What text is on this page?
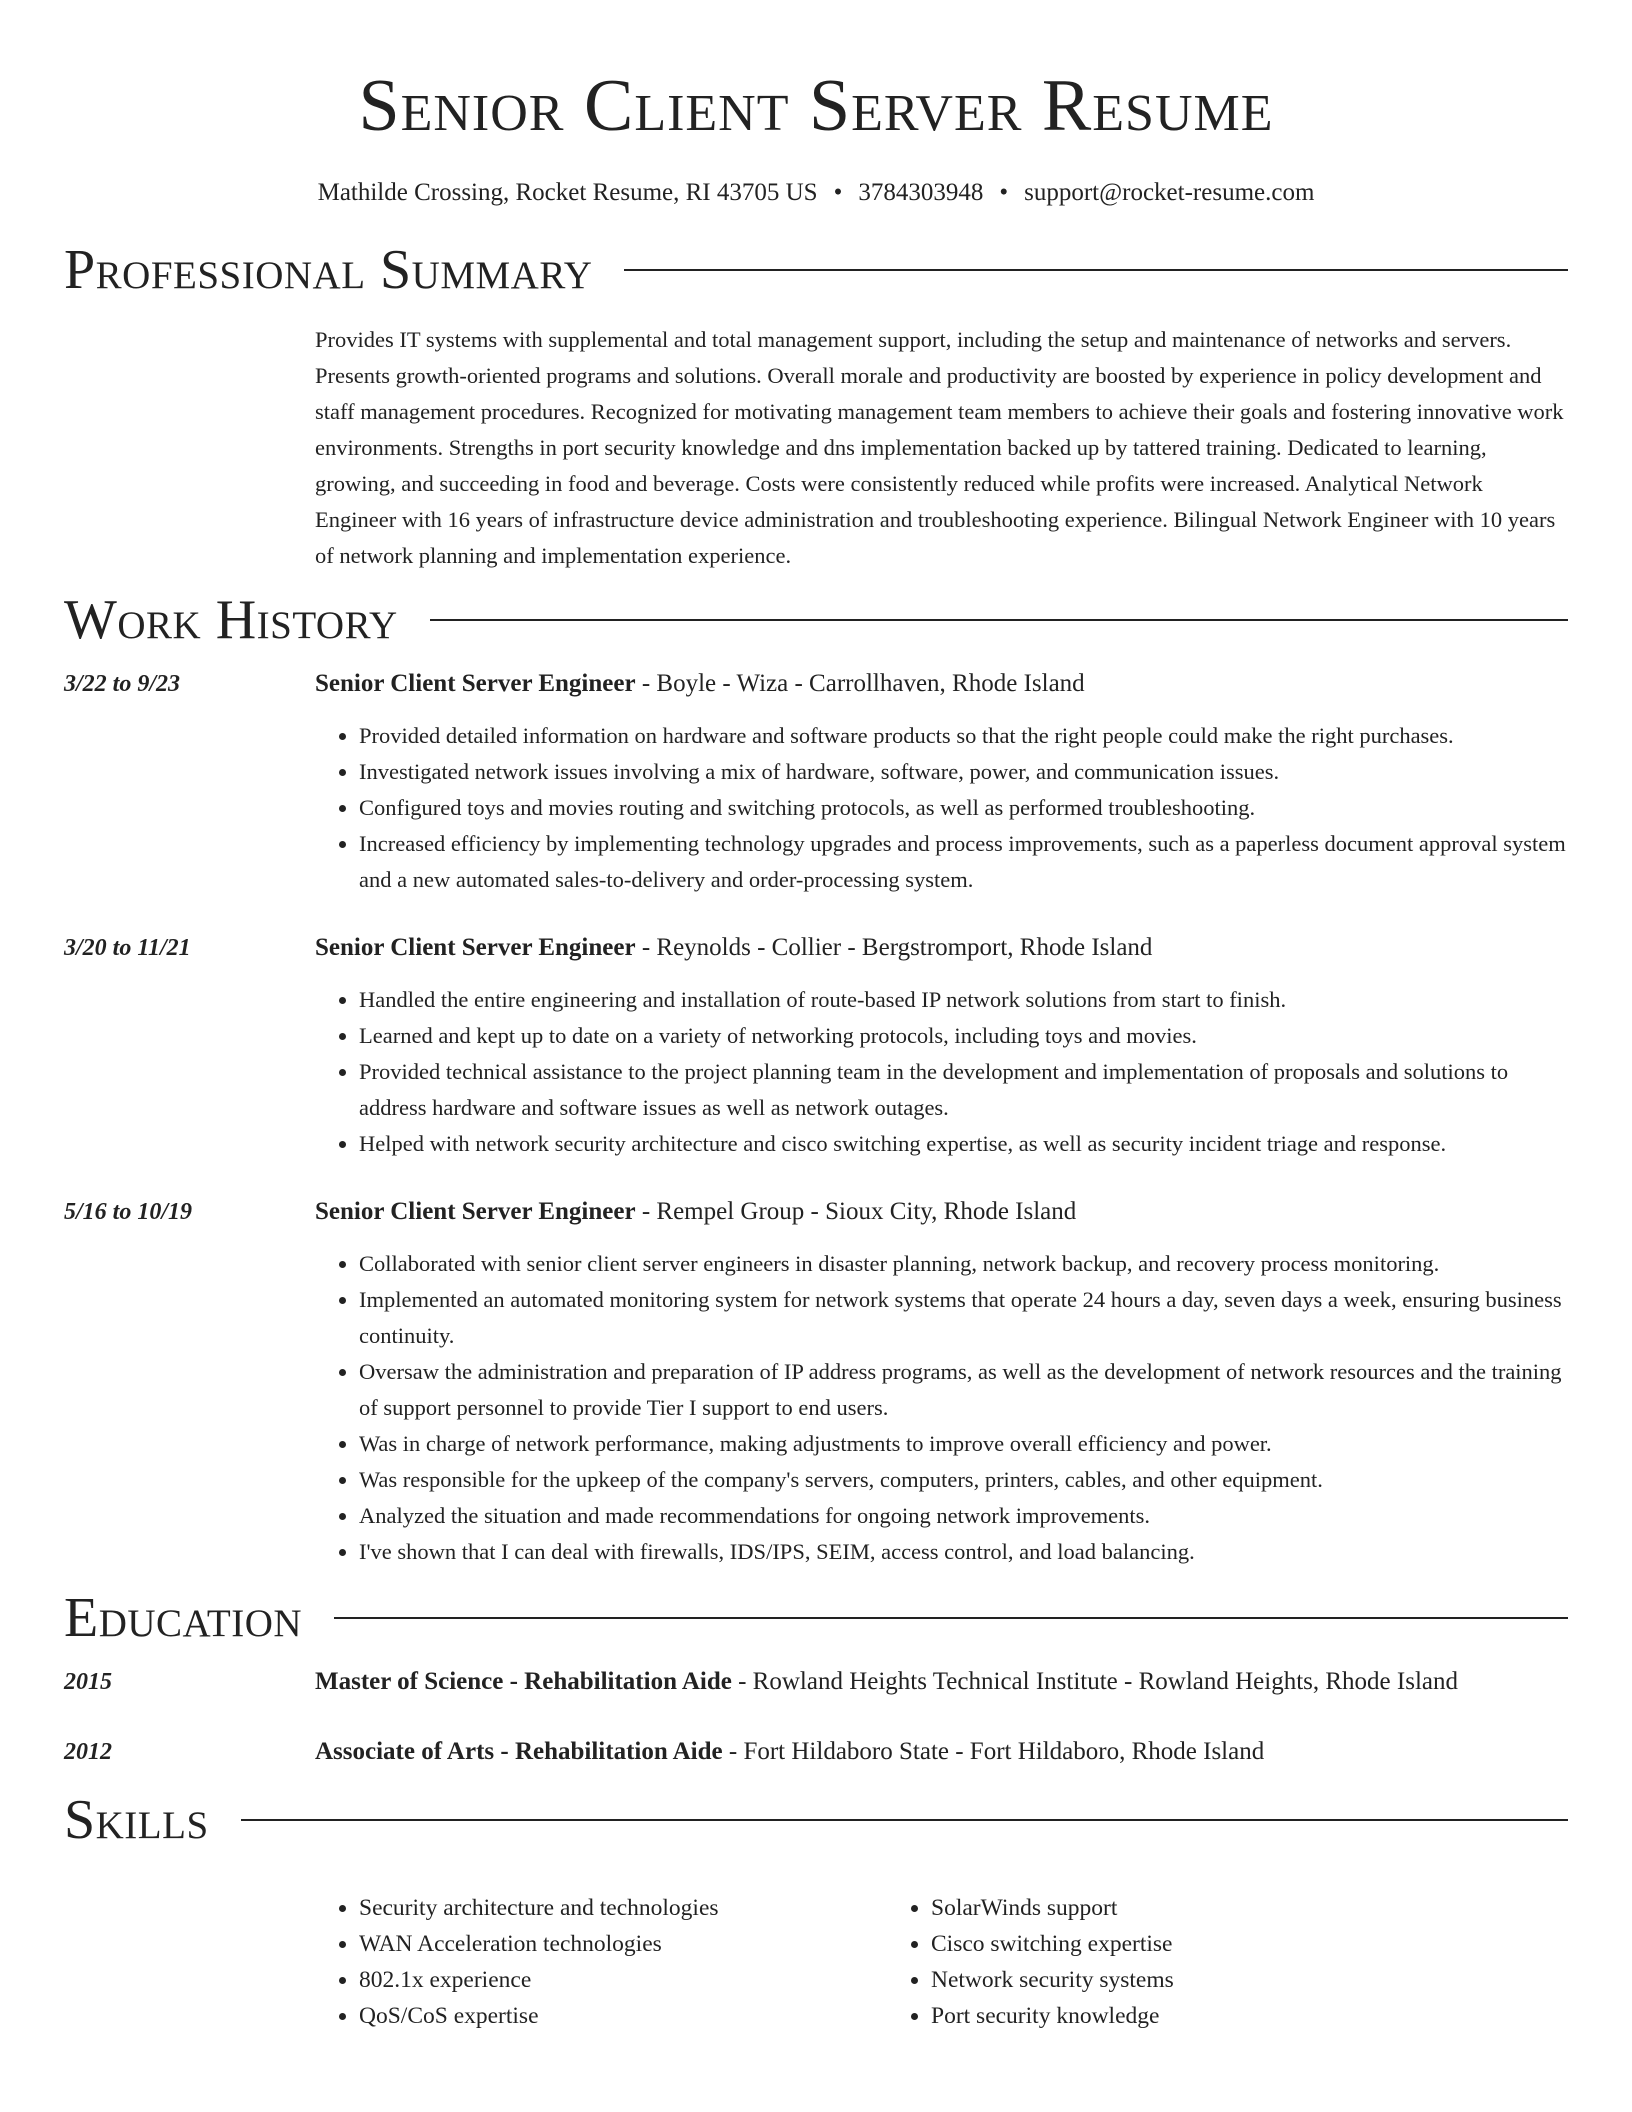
Senior Client Server Resume
Mathilde Crossing, Rocket Resume, RI 43705 US • 3784303948 • support@rocket-resume.com
Professional Summary

Provides IT systems with supplemental and total management support, including the setup and maintenance of networks and servers. Presents growth-oriented programs and solutions. Overall morale and productivity are boosted by experience in policy development and staff management procedures. Recognized for motivating management team members to achieve their goals and fostering innovative work environments. Strengths in port security knowledge and dns implementation backed up by tattered training. Dedicated to learning, growing, and succeeding in food and beverage. Costs were consistently reduced while profits were increased. Analytical Network Engineer with 16 years of infrastructure device administration and troubleshooting experience. Bilingual Network Engineer with 10 years of network planning and implementation experience.

Work History
3/22 to 9/23	Senior Client Server Engineer - Boyle - Wiza - Carrollhaven, Rhode Island
• Provided detailed information on hardware and software products so that the right people could make the right purchases.
• Investigated network issues involving a mix of hardware, software, power, and communication issues.
• Configured toys and movies routing and switching protocols, as well as performed troubleshooting.
• Increased efficiency by implementing technology upgrades and process improvements, such as a paperless document approval system and a new automated sales-to-delivery and order-processing system.
3/20 to 11/21	Senior Client Server Engineer - Reynolds - Collier - Bergstromport, Rhode Island
• Handled the entire engineering and installation of route-based IP network solutions from start to finish.
• Learned and kept up to date on a variety of networking protocols, including toys and movies.
• Provided technical assistance to the project planning team in the development and implementation of proposals and solutions to address hardware and software issues as well as network outages.
• Helped with network security architecture and cisco switching expertise, as well as security incident triage and response.
5/16 to 10/19	Senior Client Server Engineer - Rempel Group - Sioux City, Rhode Island
• Collaborated with senior client server engineers in disaster planning, network backup, and recovery process monitoring.
• Implemented an automated monitoring system for network systems that operate 24 hours a day, seven days a week, ensuring business continuity.
• Oversaw the administration and preparation of IP address programs, as well as the development of network resources and the training of support personnel to provide Tier I support to end users.
• Was in charge of network performance, making adjustments to improve overall efficiency and power.
• Was responsible for the upkeep of the company's servers, computers, printers, cables, and other equipment.
• Analyzed the situation and made recommendations for ongoing network improvements.
• I've shown that I can deal with firewalls, IDS/IPS, SEIM, access control, and load balancing.
Education
2015	Master of Science - Rehabilitation Aide - Rowland Heights Technical Institute - Rowland Heights, Rhode Island
2012	Associate of Arts - Rehabilitation Aide - Fort Hildaboro State - Fort Hildaboro, Rhode Island
Skills
• Security architecture and technologies
• WAN Acceleration technologies
• 802.1x experience
• QoS/CoS expertise
• SolarWinds support
• Cisco switching expertise
• Network security systems
• Port security knowledge
